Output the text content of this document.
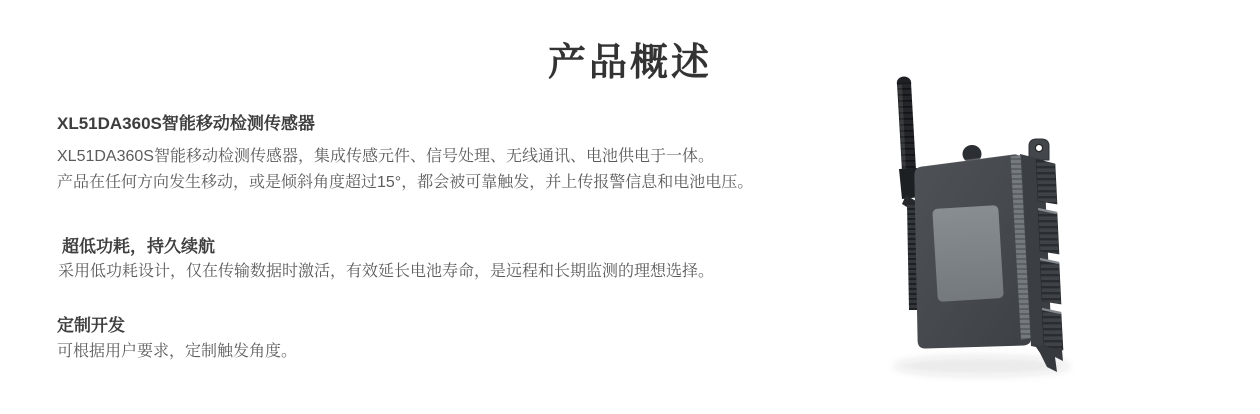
产品概述
XL51DA360S智能移动检测传感器
XL51DA360S智能移动检测传感器，集成传感元件、信号处理、无线通讯、电池供电于一体。
产品在任何方向发生移动，或是倾斜角度超过15°，都会被可靠触发，并上传报警信息和电池电压。
超低功耗，持久续航
采用低功耗设计，仅在传输数据时激活，有效延长电池寿命，是远程和长期监测的理想选择。
定制开发
可根据用户要求，定制触发角度。
